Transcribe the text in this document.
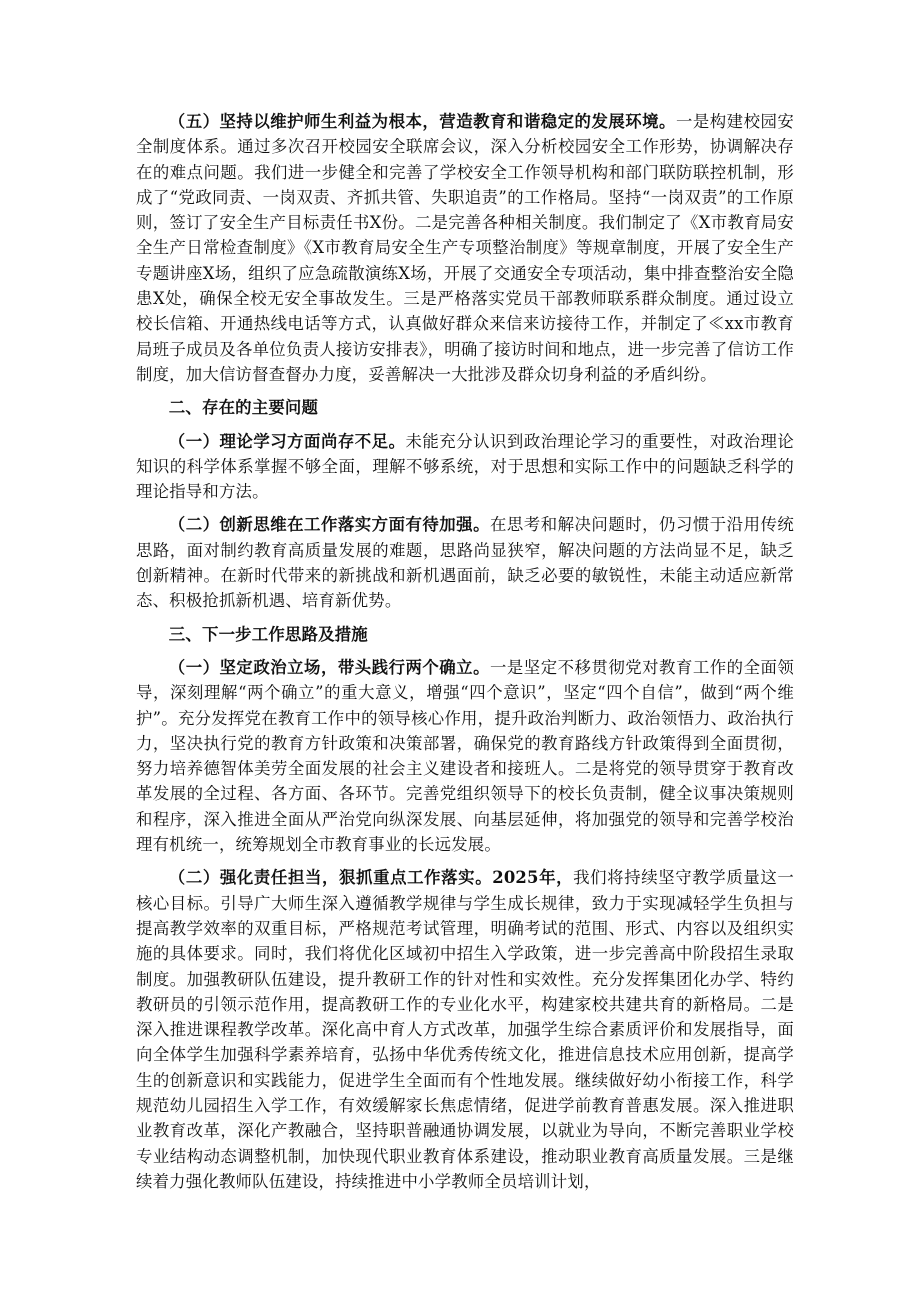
（五）坚持以维护师生利益为根本，营造教育和谐稳定的发展环境。一是构建校园安全制度体系。通过多次召开校园安全联席会议，深入分析校园安全工作形势，协调解决存在的难点问题。我们进一步健全和完善了学校安全工作领导机构和部门联防联控机制，形成了“党政同责、一岗双责、齐抓共管、失职追责”的工作格局。坚持“一岗双责”的工作原则，签订了安全生产目标责任书X份。二是完善各种相关制度。我们制定了《X市教育局安全生产日常检查制度》《X市教育局安全生产专项整治制度》等规章制度，开展了安全生产专题讲座X场，组织了应急疏散演练X场，开展了交通安全专项活动，集中排查整治安全隐患X处，确保全校无安全事故发生。三是严格落实党员干部教师联系群众制度。通过设立校长信箱、开通热线电话等方式，认真做好群众来信来访接待工作，并制定了≪xx市教育局班子成员及各单位负责人接访安排表》，明确了接访时间和地点，进一步完善了信访工作制度，加大信访督查督办力度，妥善解决一大批涉及群众切身利益的矛盾纠纷。

二、存在的主要问题

（一）理论学习方面尚存不足。未能充分认识到政治理论学习的重要性，对政治理论知识的科学体系掌握不够全面，理解不够系统，对于思想和实际工作中的问题缺乏科学的理论指导和方法。

（二）创新思维在工作落实方面有待加强。在思考和解决问题时，仍习惯于沿用传统思路，面对制约教育高质量发展的难题，思路尚显狭窄，解决问题的方法尚显不足，缺乏创新精神。在新时代带来的新挑战和新机遇面前，缺乏必要的敏锐性，未能主动适应新常态、积极抢抓新机遇、培育新优势。

三、下一步工作思路及措施

（一）坚定政治立场，带头践行两个确立。一是坚定不移贯彻党对教育工作的全面领导，深刻理解“两个确立”的重大意义，增强“四个意识”，坚定“四个自信”，做到“两个维护”。充分发挥党在教育工作中的领导核心作用，提升政治判断力、政治领悟力、政治执行力，坚决执行党的教育方针政策和决策部署，确保党的教育路线方针政策得到全面贯彻，努力培养德智体美劳全面发展的社会主义建设者和接班人。二是将党的领导贯穿于教育改革发展的全过程、各方面、各环节。完善党组织领导下的校长负责制，健全议事决策规则和程序，深入推进全面从严治党向纵深发展、向基层延伸，将加强党的领导和完善学校治理有机统一，统筹规划全市教育事业的长远发展。

（二）强化责任担当，狠抓重点工作落实。2025年，我们将持续坚守教学质量这一核心目标。引导广大师生深入遵循教学规律与学生成长规律，致力于实现减轻学生负担与提高教学效率的双重目标，严格规范考试管理，明确考试的范围、形式、内容以及组织实施的具体要求。同时，我们将优化区域初中招生入学政策，进一步完善高中阶段招生录取制度。加强教研队伍建设，提升教研工作的针对性和实效性。充分发挥集团化办学、特约教研员的引领示范作用，提高教研工作的专业化水平，构建家校共建共育的新格局。二是深入推进课程教学改革。深化高中育人方式改革，加强学生综合素质评价和发展指导，面向全体学生加强科学素养培育，弘扬中华优秀传统文化，推进信息技术应用创新，提高学生的创新意识和实践能力，促进学生全面而有个性地发展。继续做好幼小衔接工作，科学规范幼儿园招生入学工作，有效缓解家长焦虑情绪，促进学前教育普惠发展。深入推进职业教育改革，深化产教融合，坚持职普融通协调发展，以就业为导向，不断完善职业学校专业结构动态调整机制，加快现代职业教育体系建设，推动职业教育高质量发展。三是继续着力强化教师队伍建设，持续推进中小学教师全员培训计划，
